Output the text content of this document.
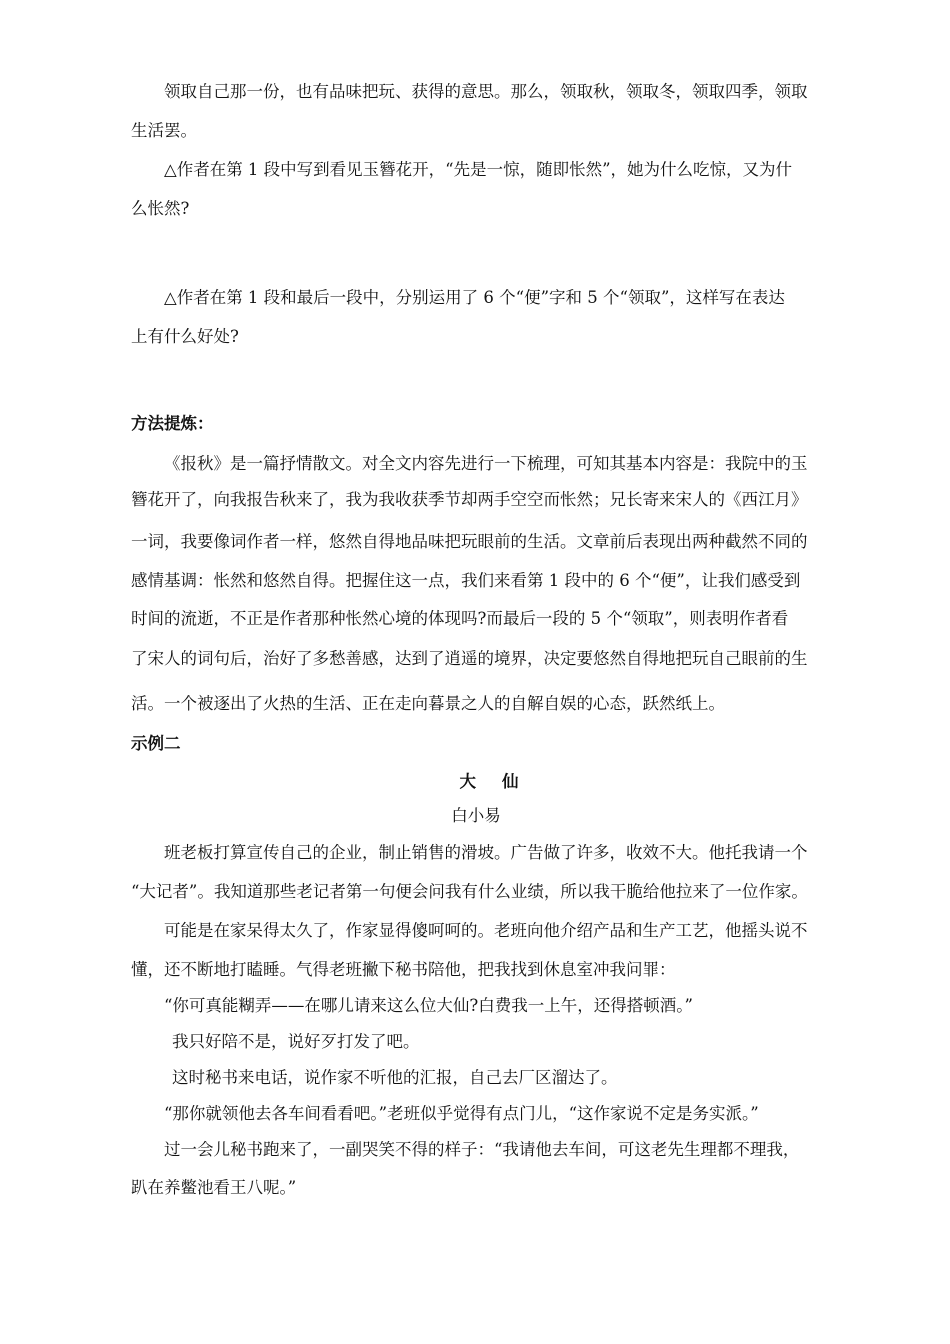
领取自己那一份，也有品味把玩、获得的意思。那么，领取秋，领取冬，领取四季，领取
生活罢。
△作者在第 1 段中写到看见玉簪花开，“先是一惊，随即怅然”，她为什么吃惊，又为什
么怅然?
△作者在第 1 段和最后一段中，分别运用了 6 个“便”字和 5 个“领取”，这样写在表达
上有什么好处?
方法提炼：
《报秋》是一篇抒情散文。对全文内容先进行一下梳理，可知其基本内容是：我院中的玉
簪花开了，向我报告秋来了，我为我收获季节却两手空空而怅然；兄长寄来宋人的《西江月》
一词，我要像词作者一样，悠然自得地品味把玩眼前的生活。文章前后表现出两种截然不同的
感情基调：怅然和悠然自得。把握住这一点，我们来看第 1 段中的 6 个“便”，让我们感受到
时间的流逝，不正是作者那种怅然心境的体现吗?而最后一段的 5 个“领取”，则表明作者看
了宋人的词句后，治好了多愁善感，达到了逍遥的境界，决定要悠然自得地把玩自己眼前的生
活。一个被逐出了火热的生活、正在走向暮景之人的自解自娱的心态，跃然纸上。
示例二
大仙
白小易
班老板打算宣传自己的企业，制止销售的滑坡。广告做了许多，收效不大。他托我请一个
“大记者”。我知道那些老记者第一句便会问我有什么业绩，所以我干脆给他拉来了一位作家。
可能是在家呆得太久了，作家显得傻呵呵的。老班向他介绍产品和生产工艺，他摇头说不
懂，还不断地打瞌睡。气得老班撇下秘书陪他，把我找到休息室冲我问罪：
“你可真能糊弄——在哪儿请来这么位大仙?白费我一上午，还得搭顿酒。”
我只好陪不是，说好歹打发了吧。
这时秘书来电话，说作家不听他的汇报，自己去厂区溜达了。
“那你就领他去各车间看看吧。”老班似乎觉得有点门儿，“这作家说不定是务实派。”
过一会儿秘书跑来了，一副哭笑不得的样子：“我请他去车间，可这老先生理都不理我，
趴在养鳖池看王八呢。”
